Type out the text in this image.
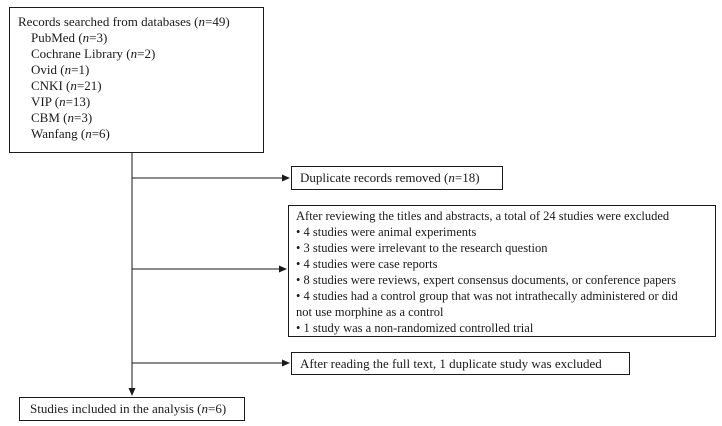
Records searched from databases (n=49)
PubMed (n=3)
Cochrane Library (n=2)
Ovid (n=1)
CNKI (n=21)
VIP (n=13)
CBM (n=3)
Wanfang (n=6)
Duplicate records removed (n=18)
After reviewing the titles and abstracts, a total of 24 studies were excluded
• 4 studies were animal experiments
• 3 studies were irrelevant to the research question
• 4 studies were case reports
• 8 studies were reviews, expert consensus documents, or conference papers
• 4 studies had a control group that was not intrathecally administered or did
not use morphine as a control
• 1 study was a non-randomized controlled trial
After reading the full text, 1 duplicate study was excluded
Studies included in the analysis (n=6)
